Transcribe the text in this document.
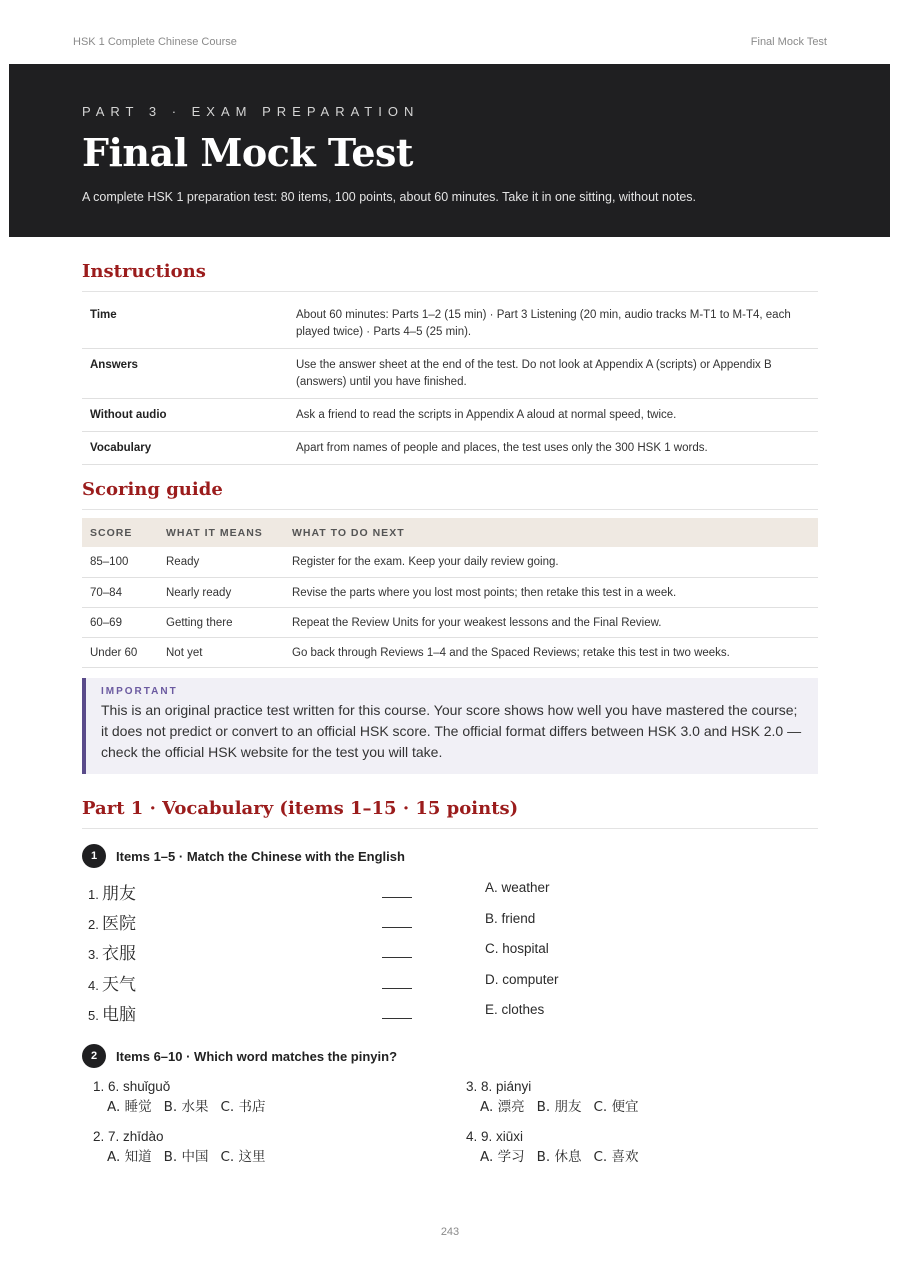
HSK 1 Complete Chinese Course	Final Mock Test
PART 3 · EXAM PREPARATION
Final Mock Test
A complete HSK 1 preparation test: 80 items, 100 points, about 60 minutes. Take it in one sitting, without notes.
Instructions
Time	About 60 minutes: Parts 1–2 (15 min) · Part 3 Listening (20 min, audio tracks M-T1 to M-T4, each played twice) · Parts 4–5 (25 min).
Answers	Use the answer sheet at the end of the test. Do not look at Appendix A (scripts) or Appendix B (answers) until you have finished.
Without audio	Ask a friend to read the scripts in Appendix A aloud at normal speed, twice.
Vocabulary	Apart from names of people and places, the test uses only the 300 HSK 1 words.
Scoring guide
SCORE	WHAT IT MEANS	WHAT TO DO NEXT
85–100	Ready	Register for the exam. Keep your daily review going.
70–84	Nearly ready	Revise the parts where you lost most points; then retake this test in a week.
60–69	Getting there	Repeat the Review Units for your weakest lessons and the Final Review.
Under 60	Not yet	Go back through Reviews 1–4 and the Spaced Reviews; retake this test in two weeks.
IMPORTANT
This is an original practice test written for this course. Your score shows how well you have mastered the course; it does not predict or convert to an official HSK score. The official format differs between HSK 3.0 and HSK 2.0 — check the official HSK website for the test you will take.
Part 1 · Vocabulary (items 1–15 · 15 points)
1	Items 1–5 · Match the Chinese with the English
1. 朋友
2. 医院
3. 衣服
4. 天气
5. 电脑
A. weather
B. friend
C. hospital
D. computer
E. clothes
2	Items 6–10 · Which word matches the pinyin?
1. 6. shuǐguǒ
A. 睡觉 B. 水果 C. 书店
2. 7. zhīdào
A. 知道 B. 中国 C. 这里
3. 8. piányi
A. 漂亮 B. 朋友 C. 便宜
4. 9. xiūxi
A. 学习 B. 休息 C. 喜欢
243
